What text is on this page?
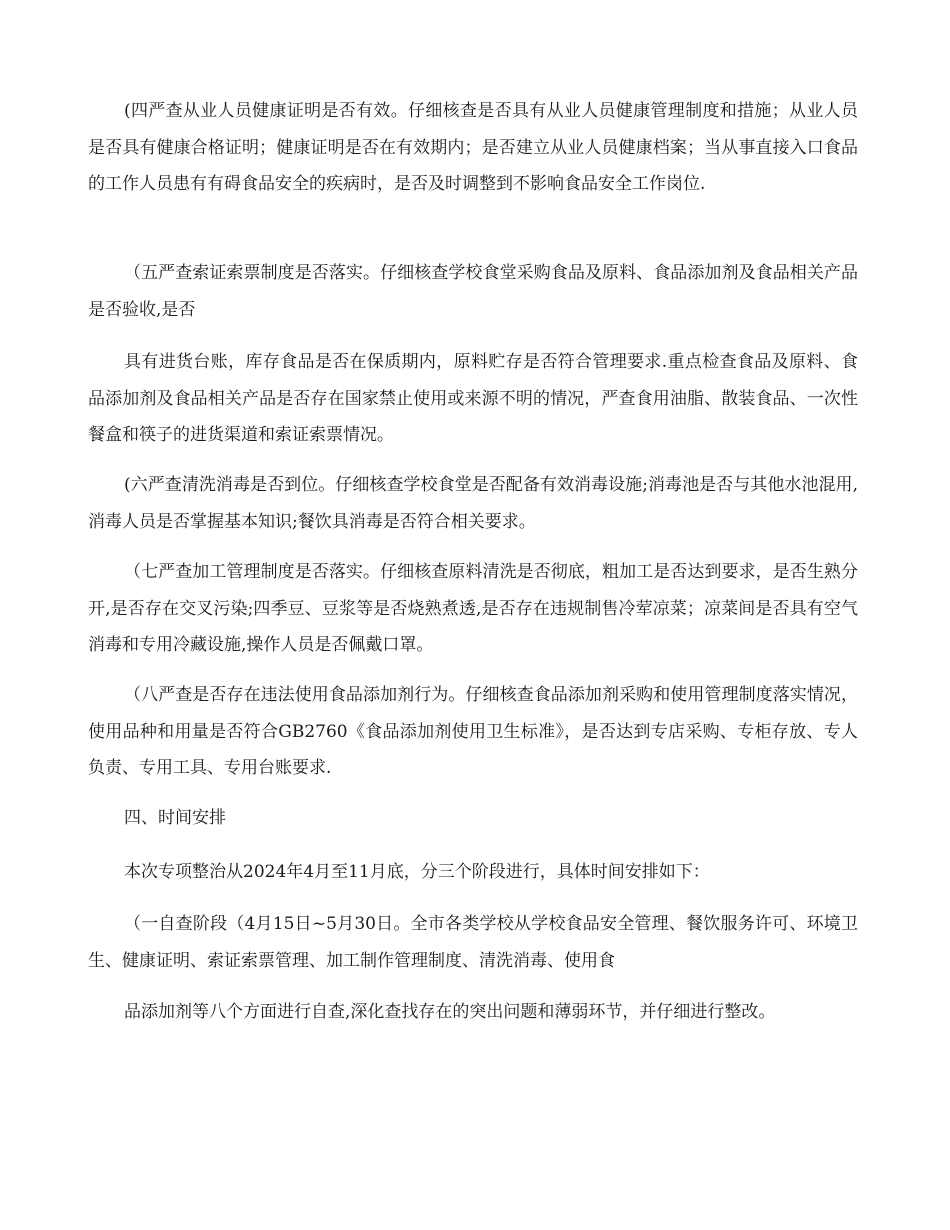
(四严查从业人员健康证明是否有效。仔细核查是否具有从业人员健康管理制度和措施；从业人员是否具有健康合格证明；健康证明是否在有效期内；是否建立从业人员健康档案；当从事直接入口食品的工作人员患有有碍食品安全的疾病时，是否及时调整到不影响食品安全工作岗位.

（五严查索证索票制度是否落实。仔细核查学校食堂采购食品及原料、食品添加剂及食品相关产品是否验收,是否

具有进货台账，库存食品是否在保质期内，原料贮存是否符合管理要求.重点检查食品及原料、食品添加剂及食品相关产品是否存在国家禁止使用或来源不明的情况，严查食用油脂、散装食品、一次性餐盒和筷子的进货渠道和索证索票情况。

(六严查清洗消毒是否到位。仔细核查学校食堂是否配备有效消毒设施;消毒池是否与其他水池混用,消毒人员是否掌握基本知识;餐饮具消毒是否符合相关要求。

（七严查加工管理制度是否落实。仔细核查原料清洗是否彻底，粗加工是否达到要求，是否生熟分开,是否存在交叉污染;四季豆、豆浆等是否烧熟煮透,是否存在违规制售冷荤凉菜；凉菜间是否具有空气消毒和专用冷藏设施,操作人员是否佩戴口罩。

（八严查是否存在违法使用食品添加剂行为。仔细核查食品添加剂采购和使用管理制度落实情况，使用品种和用量是否符合GB2760《食品添加剂使用卫生标准》，是否达到专店采购、专柜存放、专人负责、专用工具、专用台账要求.

四、时间安排

本次专项整治从2024年4月至11月底，分三个阶段进行，具体时间安排如下：

（一自查阶段（4月15日~5月30日。全市各类学校从学校食品安全管理、餐饮服务许可、环境卫生、健康证明、索证索票管理、加工制作管理制度、清洗消毒、使用食

品添加剂等八个方面进行自查,深化查找存在的突出问题和薄弱环节，并仔细进行整改。
